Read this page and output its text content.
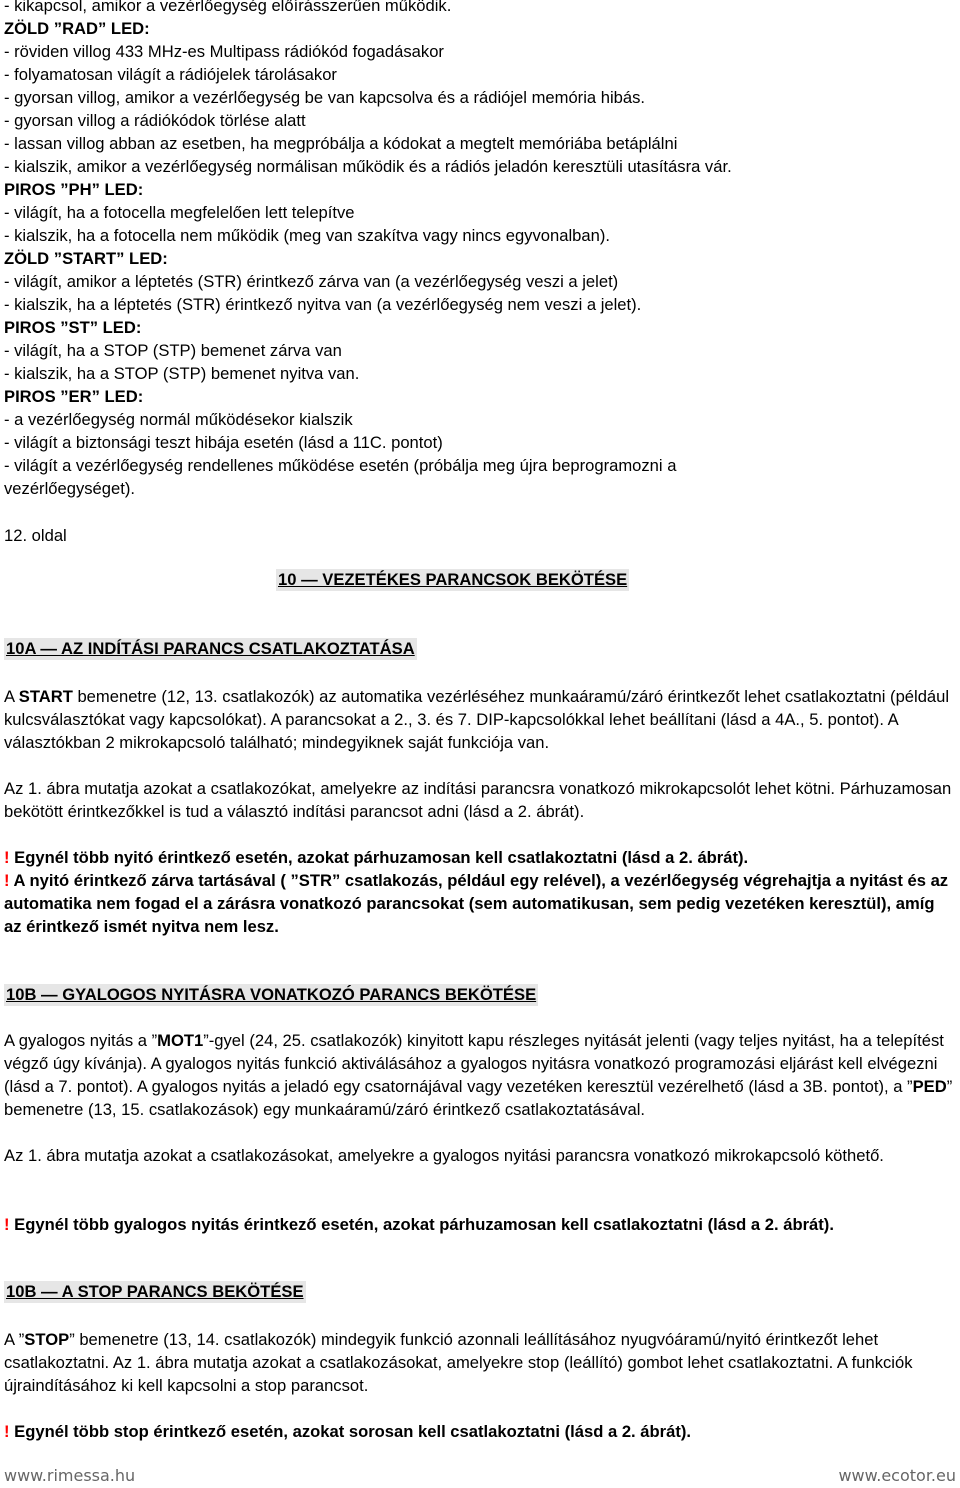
- kikapcsol, amikor a vezérlőegység előírásszerűen működik.
ZÖLD ”RAD” LED:
- röviden villog 433 MHz-es Multipass rádiókód fogadásakor
- folyamatosan világít a rádiójelek tárolásakor
- gyorsan villog, amikor a vezérlőegység be van kapcsolva és a rádiójel memória hibás.
- gyorsan villog a rádiókódok törlése alatt
- lassan villog abban az esetben, ha megpróbálja a kódokat a megtelt memóriába betáplálni
- kialszik, amikor a vezérlőegység normálisan működik és a rádiós jeladón keresztüli utasításra vár.
PIROS ”PH” LED:
- világít, ha a fotocella megfelelően lett telepítve
- kialszik, ha a fotocella nem működik (meg van szakítva vagy nincs egyvonalban).
ZÖLD ”START” LED:
- világít, amikor a léptetés (STR) érintkező zárva van (a vezérlőegység veszi a jelet)
- kialszik, ha a léptetés (STR) érintkező nyitva van (a vezérlőegység nem veszi a jelet).
PIROS ”ST” LED:
- világít, ha a STOP (STP) bemenet zárva van
- kialszik, ha a STOP (STP) bemenet nyitva van.
PIROS ”ER” LED:
- a vezérlőegység normál működésekor kialszik
- világít a biztonsági teszt hibája esetén (lásd a 11C. pontot)
- világít a vezérlőegység rendellenes működése esetén (próbálja meg újra beprogramozni a
vezérlőegységet).
12. oldal
10 — VEZETÉKES PARANCSOK BEKÖTÉSE
10A — AZ INDÍTÁSI PARANCS CSATLAKOZTATÁSA
A START bemenetre (12, 13. csatlakozók) az automatika vezérléséhez munkaáramú/záró érintkezőt lehet csatlakoztatni (például kulcsválasztókat vagy kapcsolókat). A parancsokat a 2., 3. és 7. DIP-kapcsolókkal lehet beállítani (lásd a 4A., 5. pontot). A választókban 2 mikrokapcsoló található; mindegyiknek saját funkciója van.
Az 1. ábra mutatja azokat a csatlakozókat, amelyekre az indítási parancsra vonatkozó mikrokapcsolót lehet kötni. Párhuzamosan bekötött érintkezőkkel is tud a választó indítási parancsot adni (lásd a 2. ábrát).
! Egynél több nyitó érintkező esetén, azokat párhuzamosan kell csatlakoztatni (lásd a 2. ábrát).
! A nyitó érintkező zárva tartásával ( ”STR” csatlakozás, például egy relével), a vezérlőegység végrehajtja a nyitást és az automatika nem fogad el a zárásra vonatkozó parancsokat (sem automatikusan, sem pedig vezetéken keresztül), amíg az érintkező ismét nyitva nem lesz.
10B — GYALOGOS NYITÁSRA VONATKOZÓ PARANCS BEKÖTÉSE
A gyalogos nyitás a ”MOT1”-gyel (24, 25. csatlakozók) kinyitott kapu részleges nyitását jelenti (vagy teljes nyitást, ha a telepítést végző úgy kívánja). A gyalogos nyitás funkció aktiválásához a gyalogos nyitásra vonatkozó programozási eljárást kell elvégezni (lásd a 7. pontot). A gyalogos nyitás a jeladó egy csatornájával vagy vezetéken keresztül vezérelhető (lásd a 3B. pontot), a ”PED” bemenetre (13, 15. csatlakozások) egy munkaáramú/záró érintkező csatlakoztatásával.
Az 1. ábra mutatja azokat a csatlakozásokat, amelyekre a gyalogos nyitási parancsra vonatkozó mikrokapcsoló köthető.
! Egynél több gyalogos nyitás érintkező esetén, azokat párhuzamosan kell csatlakoztatni (lásd a 2. ábrát).
10B — A STOP PARANCS BEKÖTÉSE
A ”STOP” bemenetre (13, 14. csatlakozók) mindegyik funkció azonnali leállításához nyugvóáramú/nyitó érintkezőt lehet csatlakoztatni. Az 1. ábra mutatja azokat a csatlakozásokat, amelyekre stop (leállító) gombot lehet csatlakoztatni. A funkciók újraindításához ki kell kapcsolni a stop parancsot.
! Egynél több stop érintkező esetén, azokat sorosan kell csatlakoztatni (lásd a 2. ábrát).
www.rimessa.hu	www.ecotor.eu
